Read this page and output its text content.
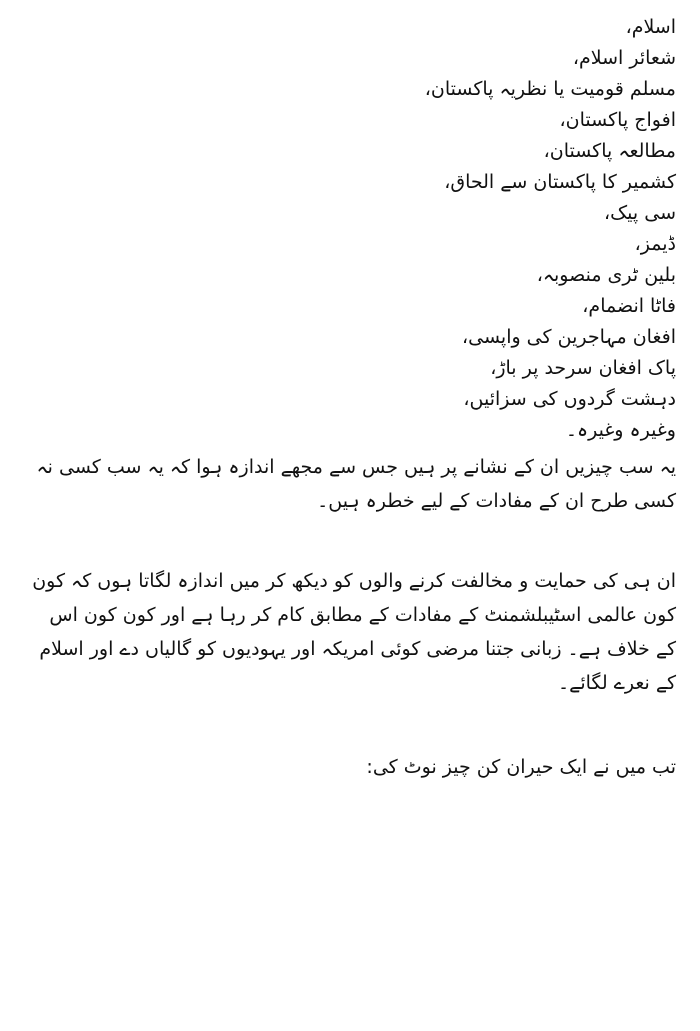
اسلام،
شعائر اسلام،
مسلم قومیت یا نظریہ پاکستان،
افواج پاکستان،
مطالعہ پاکستان،
کشمیر کا پاکستان سے الحاق،
سی پیک،
ڈیمز،
بلین ٹری منصوبہ،
فاٹا انضمام،
افغان مہاجرین کی واپسی،
پاک افغان سرحد پر باڑ،
دہشت گردوں کی سزائیں،
وغیرہ وغیرہ۔

یہ سب چیزیں ان کے نشانے پر ہیں جس سے مجھے اندازہ ہوا کہ یہ سب کسی نہ کسی طرح ان کے مفادات کے لیے خطرہ ہیں۔

ان ہی کی حمایت و مخالفت کرنے والوں کو دیکھ کر میں اندازہ لگاتا ہوں کہ کون کون عالمی اسٹیبلشمنٹ کے مفادات کے مطابق کام کر رہا ہے اور کون کون اس کے خلاف ہے۔ زبانی جتنا مرضی کوئی امریکہ اور یہودیوں کو گالیاں دے اور اسلام کے نعرے لگائے۔

تب میں نے ایک حیران کن چیز نوٹ کی:
